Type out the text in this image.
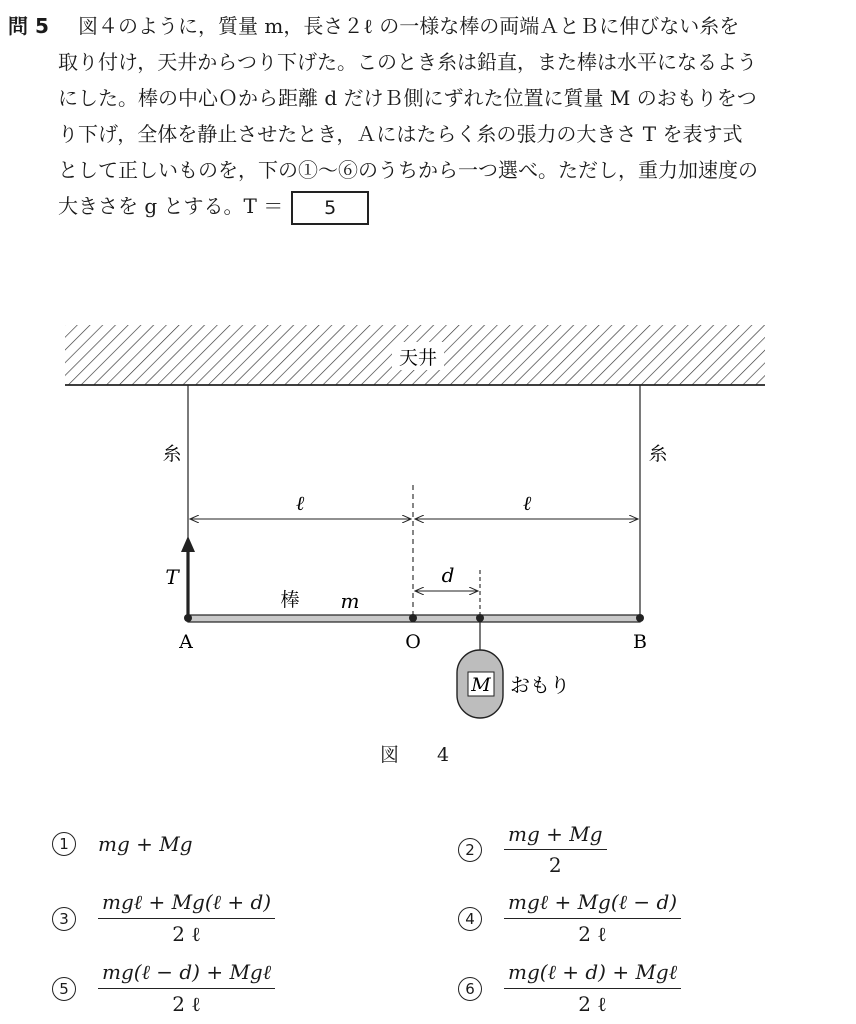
問 5 図４のように，質量 m，長さ２ℓ の一様な棒の両端ＡとＢに伸びない糸を
取り付け，天井からつり下げた。このとき糸は鉛直，また棒は水平になるよう
にした。棒の中心Ｏから距離 d だけＢ側にずれた位置に質量 M のおもりをつ
り下げ，全体を静止させたとき，Ａにはたらく糸の張力の大きさ T を表す式
として正しいものを，下の①～⑥のうちから一つ選べ。ただし，重力加速度の
大きさを g とする。T ＝ 5
天井
糸	糸
ℓ	ℓ
d
T
棒 m
A	O	B
M おもり
図 4
1	mg + Mg	2	$\frac{mg + Mg}{2}$
3	$\frac{\text{mgℓ + Mg(ℓ + d)}}{\text{2 ℓ}}$	4	$\frac{\text{mgℓ + Mg(ℓ − d)}}{\text{2 ℓ}}$
5	$\frac{\text{mg(ℓ − d) + Mgℓ}}{\text{2 ℓ}}$	6	$\frac{\text{mg(ℓ + d) + Mgℓ}}{\text{2 ℓ}}$
